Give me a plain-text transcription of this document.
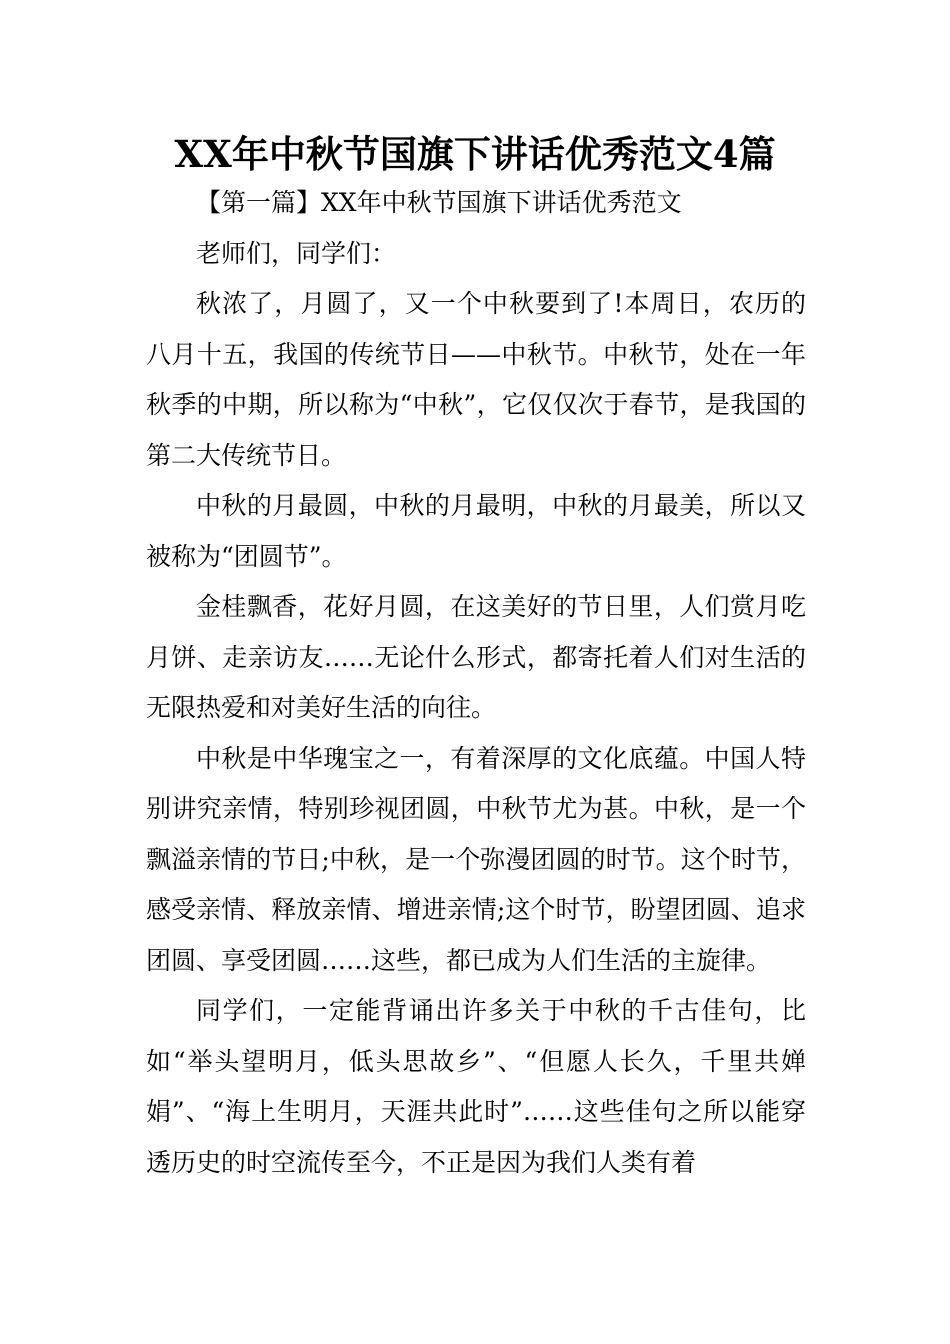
XX年中秋节国旗下讲话优秀范文4篇

【第一篇】XX年中秋节国旗下讲话优秀范文

老师们，同学们：

秋浓了，月圆了，又一个中秋要到了!本周日，农历的八月十五，我国的传统节日——中秋节。中秋节，处在一年秋季的中期，所以称为“中秋”，它仅仅次于春节，是我国的第二大传统节日。

中秋的月最圆，中秋的月最明，中秋的月最美，所以又被称为“团圆节”。

金桂飘香，花好月圆，在这美好的节日里，人们赏月吃月饼、走亲访友……无论什么形式，都寄托着人们对生活的无限热爱和对美好生活的向往。

中秋是中华瑰宝之一，有着深厚的文化底蕴。中国人特别讲究亲情，特别珍视团圆，中秋节尤为甚。中秋，是一个飘溢亲情的节日;中秋，是一个弥漫团圆的时节。这个时节，感受亲情、释放亲情、增进亲情;这个时节，盼望团圆、追求团圆、享受团圆……这些，都已成为人们生活的主旋律。

同学们，一定能背诵出许多关于中秋的千古佳句，比如“举头望明月，低头思故乡”、“但愿人长久，千里共婵娟”、“海上生明月，天涯共此时”……这些佳句之所以能穿透历史的时空流传至今，不正是因为我们人类有着
